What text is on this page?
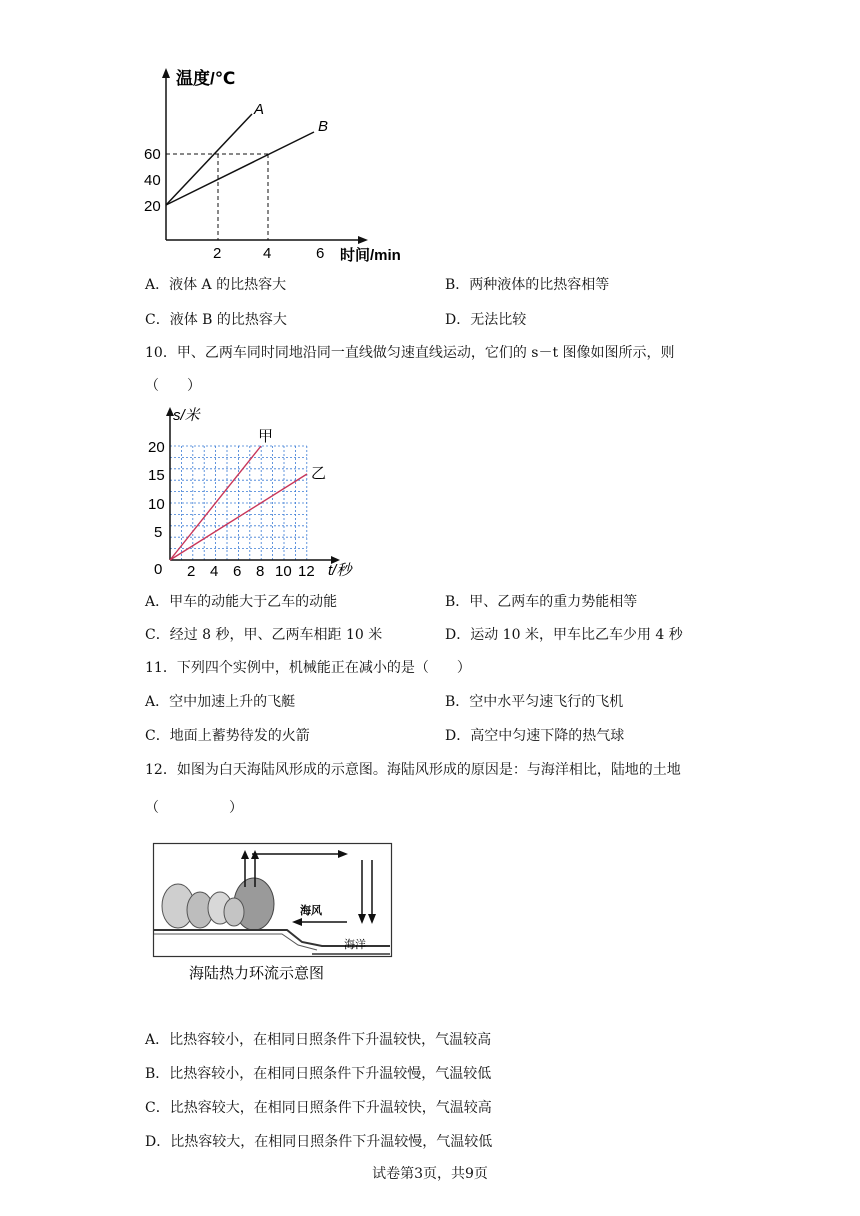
温度/℃
时间/min
60
40
20
2	4	6
A
B
A．液体 A 的比热容大	B．两种液体的比热容相等
C．液体 B 的比热容大	D．无法比较
10．甲、乙两车同时同地沿同一直线做匀速直线运动，它们的 s－t 图像如图所示，则
（　　）
s/米
t/秒
0
20
15
10
5
2 4 6 8 10 12
甲
乙
A．甲车的动能大于乙车的动能	B．甲、乙两车的重力势能相等
C．经过 8 秒，甲、乙两车相距 10 米	D．运动 10 米，甲车比乙车少用 4 秒
11．下列四个实例中，机械能正在减小的是（　　）
A．空中加速上升的飞艇	B．空中水平匀速飞行的飞机
C．地面上蓄势待发的火箭	D．高空中匀速下降的热气球
12．如图为白天海陆风形成的示意图。海陆风形成的原因是：与海洋相比，陆地的土地
（　　　　　）
海风
海洋
海陆热力环流示意图
A．比热容较小，在相同日照条件下升温较快，气温较高
B．比热容较小，在相同日照条件下升温较慢，气温较低
C．比热容较大，在相同日照条件下升温较快，气温较高
D．比热容较大，在相同日照条件下升温较慢，气温较低
试卷第3页，共9页
